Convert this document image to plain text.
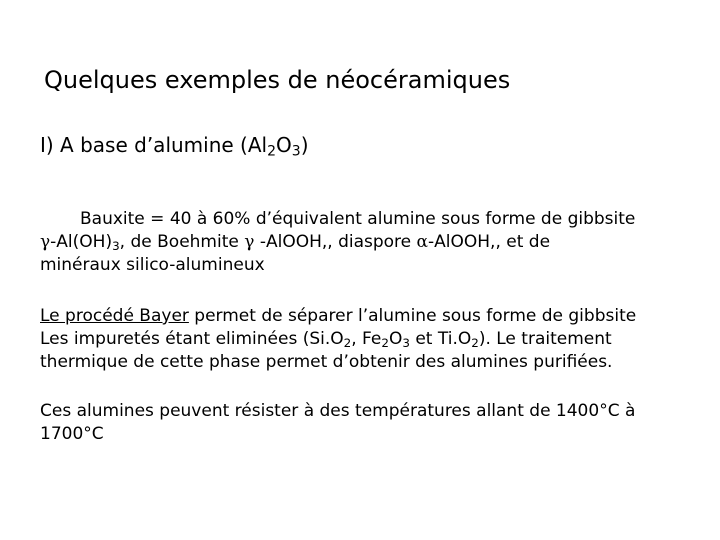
Quelques exemples de néocéramiques
I) A base d’alumine $(Al_2O_3)$
Bauxite = 40 à 60% d’équivalent alumine sous forme de gibbsite
$\gamma-Al(OH)_3$, de Boehmite γ -AlOOH,, diaspore α-AlOOH,, et de
minéraux silico-alumineux
Le procédé Bayer permet de séparer l’alumine sous forme de gibbsite
Les impuretés étant eliminées ($Si.O_2$, $Fe_2O_3$ et $Ti.O_2$). Le traitement
thermique de cette phase permet d’obtenir des alumines purifiées.
Ces alumines peuvent résister à des températures allant de 1400°C à
1700°C
